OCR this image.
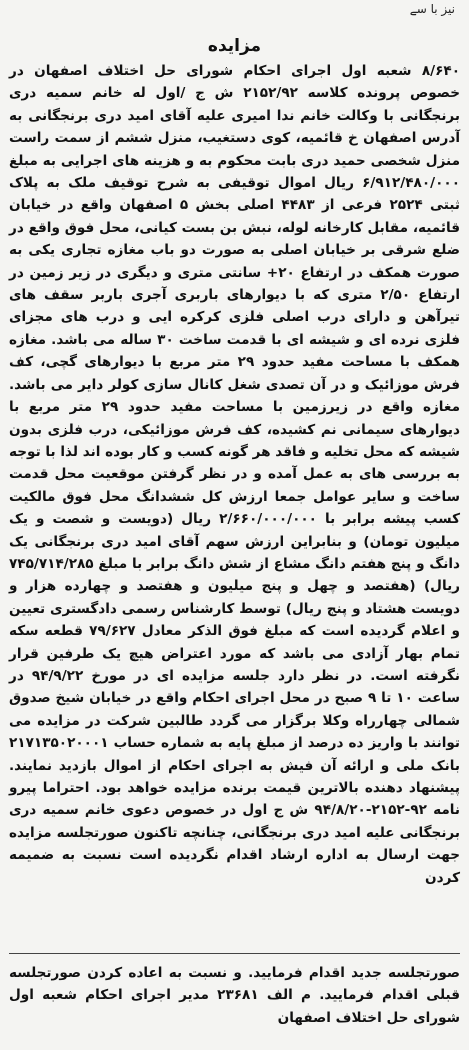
نیز با سے
مزایده
۸/۶۴۰ شعبه اول اجرای احکام شورای حل اختلاف اصفهان در خصوص پرونده کلاسه ۲۱۵۲/۹۲ ش ج /اول له خانم سمیه دری برنجگانی با وکالت خانم ندا امیری علیه آقای امید دری برنجگانی به آدرس اصفهان خ قائمیه، کوی دستغیب، منزل ششم از سمت راست منزل شخصی حمید دری بابت محکوم به و هزینه های اجرایی به مبلغ ۶/۹۱۲/۴۸۰/۰۰۰ ریال اموال توقیفی به شرح توقیف ملک به پلاک ثبتی ۲۵۲۴ فرعی از ۴۴۸۳ اصلی بخش ۵ اصفهان واقع در خیابان قائمیه، مقابل کارخانه لوله، نبش بن بست کیانی، محل فوق واقع در ضلع شرقی بر خیابان اصلی به صورت دو باب مغازه تجاری یکی به صورت همکف در ارتفاع ۲۰+ سانتی متری و دیگری در زیر زمین در ارتفاع ۲/۵۰ متری که با دیوارهای باربری آجری باربر سقف های تیرآهن و دارای درب اصلی فلزی کرکره ایی و درب های مجزای فلزی نرده ای و شیشه ای با قدمت ساخت ۳۰ ساله می باشد. مغازه همکف با مساحت مفید حدود ۲۹ متر مربع با دیوارهای گچی، کف فرش موزائیک و در آن تصدی شغل کانال سازی کولر دایر می باشد. مغازه واقع در زیرزمین با مساحت مفید حدود ۲۹ متر مربع با دیوارهای سیمانی نم کشیده، کف فرش موزائیکی، درب فلزی بدون شیشه که محل تخلیه و فاقد هر گونه کسب و کار بوده اند لذا با توجه به بررسی های به عمل آمده و در نظر گرفتن موقعیت محل قدمت ساخت و سایر عوامل جمعا ارزش کل ششدانگ محل فوق مالکیت کسب پیشه برابر با ۲/۶۶۰/۰۰۰/۰۰۰ ریال (دویست و شصت و یک میلیون تومان) و بنابراین ارزش سهم آقای امید دری برنجگانی یک دانگ و پنج هفتم دانگ مشاع از شش دانگ برابر با مبلغ ۷۴۵/۷۱۴/۲۸۵ ریال) (هفتصد و چهل و پنج میلیون و هفتصد و چهارده هزار و دویست هشتاد و پنج ریال) توسط کارشناس رسمی دادگستری تعیین و اعلام گردیده است که مبلغ فوق الذکر معادل ۷۹/۶۲۷ قطعه سکه تمام بهار آزادی می باشد که مورد اعتراض هیچ یک طرفین قرار نگرفته است. در نظر دارد جلسه مزایده ای در مورخ ۹۴/۹/۲۲ در ساعت ۱۰ تا ۹ صبح در محل اجرای احکام واقع در خیابان شیخ صدوق شمالی چهارراه وکلا برگزار می گردد طالبین شرکت در مزایده می توانند با واریز ده درصد از مبلغ پایه به شماره حساب ۲۱۷۱۳۵۰۲۰۰۰۱ بانک ملی و ارائه آن فیش به اجرای احکام از اموال بازدید نمایند. پیشنهاد دهنده بالاترین قیمت برنده مزایده خواهد بود. احتراما پیرو نامه ۹۲-۲۱۵۲-۹۴/۸/۲۰ ش ج اول در خصوص دعوی خانم سمیه دری برنجگانی علیه امید دری برنجگانی، چنانچه تاکنون صورتجلسه مزایده جهت ارسال به اداره ارشاد اقدام نگردیده است نسبت به ضمیمه کردن
صورتجلسه جدید اقدام فرمایید. و نسبت به اعاده کردن صورتجلسه قبلی اقدام فرمایید. م الف ۲۳۶۸۱ مدیر اجرای احکام شعبه اول شورای حل اختلاف اصفهان
